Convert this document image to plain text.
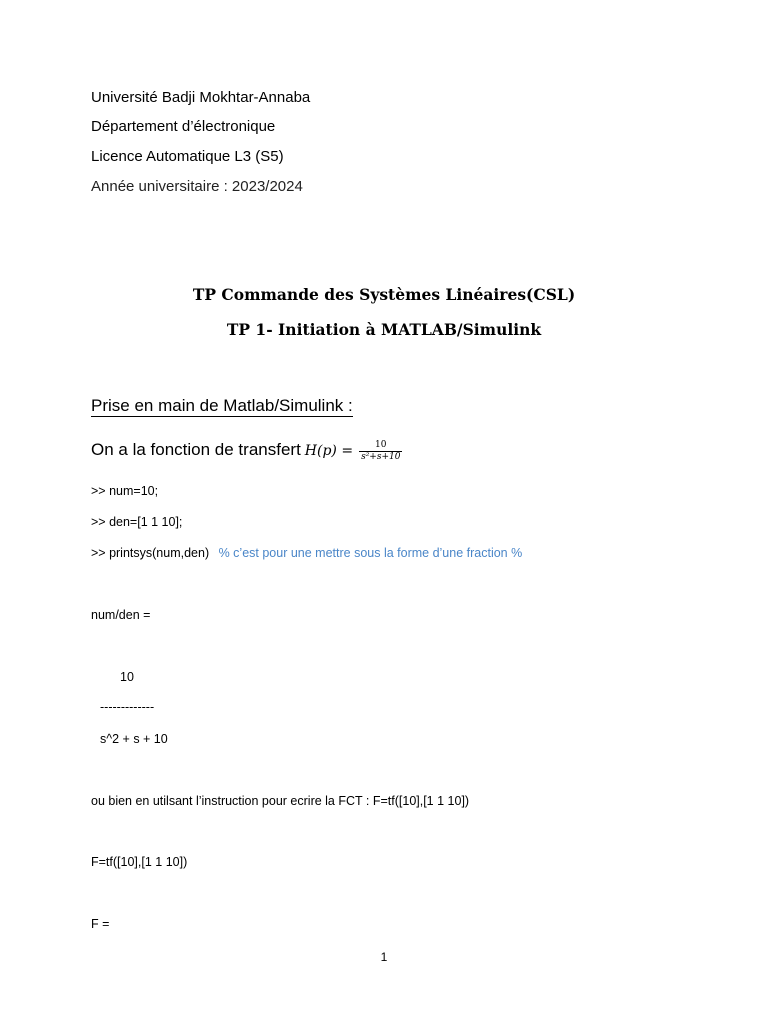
Université Badji Mokhtar-Annaba
Département d’électronique
Licence Automatique L3 (S5)
Année universitaire : 2023/2024
TP Commande des Systèmes Linéaires(CSL)
TP 1- Initiation à MATLAB/Simulink
Prise en main de Matlab/Simulink :
On a la fonction de transfert $H(p) = \frac{10}{\text{s²+s+10}}$
>> num=10;
>> den=[1 1 10];
>> printsys(num,den) % c’est pour une mettre sous la forme d’une fraction %
num/den =
10
-------------
s^2 + s + 10
ou bien en utilsant l’instruction pour ecrire la FCT : F=tf([10],[1 1 10])
F=tf([10],[1 1 10])
F =
1
